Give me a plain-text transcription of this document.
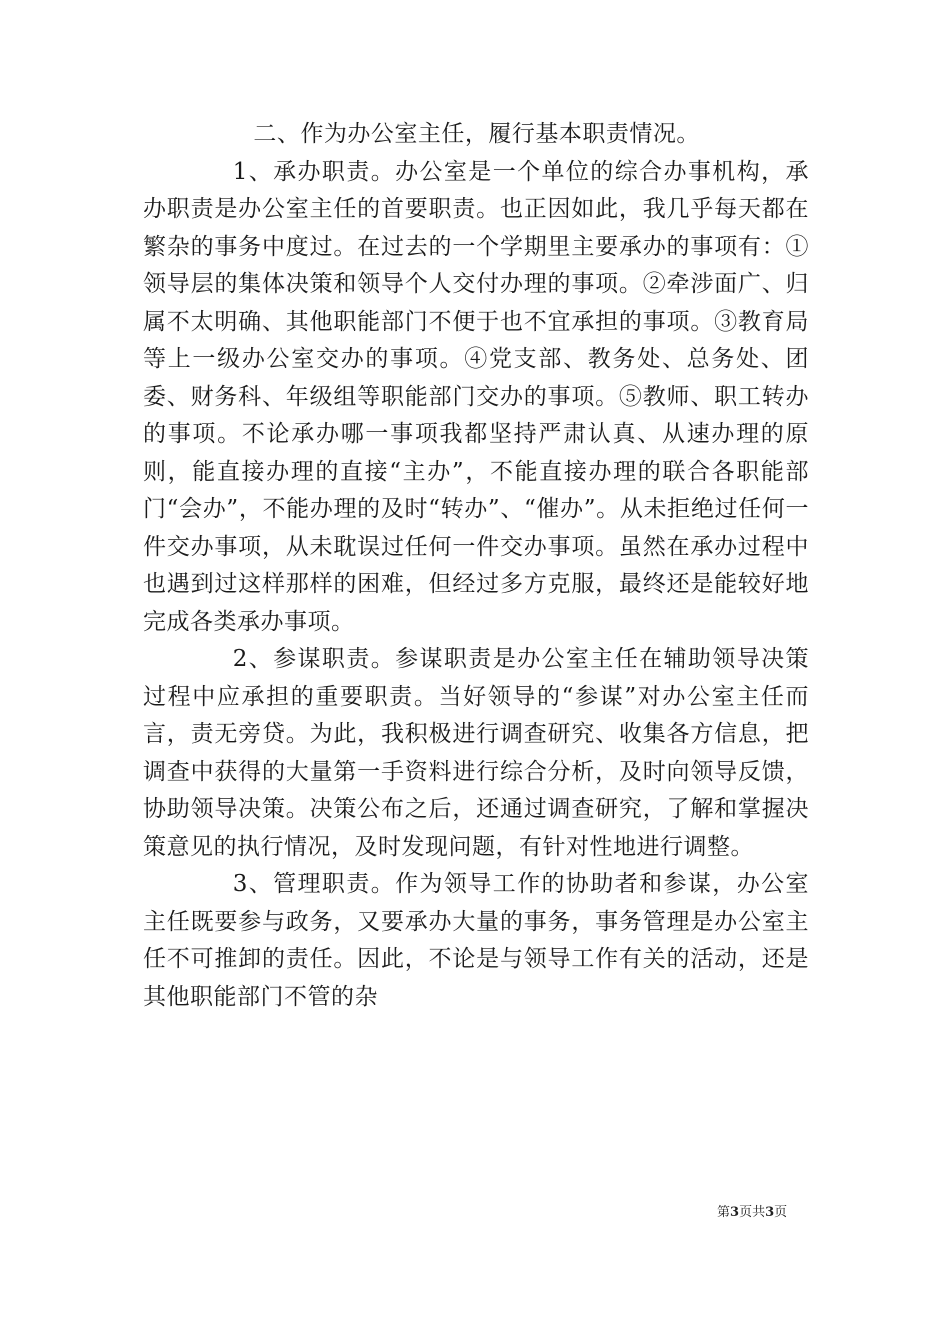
二、作为办公室主任，履行基本职责情况。

1、承办职责。办公室是一个单位的综合办事机构，承办职责是办公室主任的首要职责。也正因如此，我几乎每天都在繁杂的事务中度过。在过去的一个学期里主要承办的事项有：①领导层的集体决策和领导个人交付办理的事项。②牵涉面广、归属不太明确、其他职能部门不便于也不宜承担的事项。③教育局等上一级办公室交办的事项。④党支部、教务处、总务处、团委、财务科、年级组等职能部门交办的事项。⑤教师、职工转办的事项。不论承办哪一事项我都坚持严肃认真、从速办理的原则，能直接办理的直接“主办”，不能直接办理的联合各职能部门“会办”，不能办理的及时“转办”、“催办”。从未拒绝过任何一件交办事项，从未耽误过任何一件交办事项。虽然在承办过程中也遇到过这样那样的困难，但经过多方克服，最终还是能较好地完成各类承办事项。

2、参谋职责。参谋职责是办公室主任在辅助领导决策过程中应承担的重要职责。当好领导的“参谋”对办公室主任而言，责无旁贷。为此，我积极进行调查研究、收集各方信息，把调查中获得的大量第一手资料进行综合分析，及时向领导反馈，协助领导决策。决策公布之后，还通过调查研究，了解和掌握决策意见的执行情况，及时发现问题，有针对性地进行调整。

3、管理职责。作为领导工作的协助者和参谋，办公室主任既要参与政务，又要承办大量的事务，事务管理是办公室主任不可推卸的责任。因此，不论是与领导工作有关的活动，还是其他职能部门不管的杂

第3页共3页
